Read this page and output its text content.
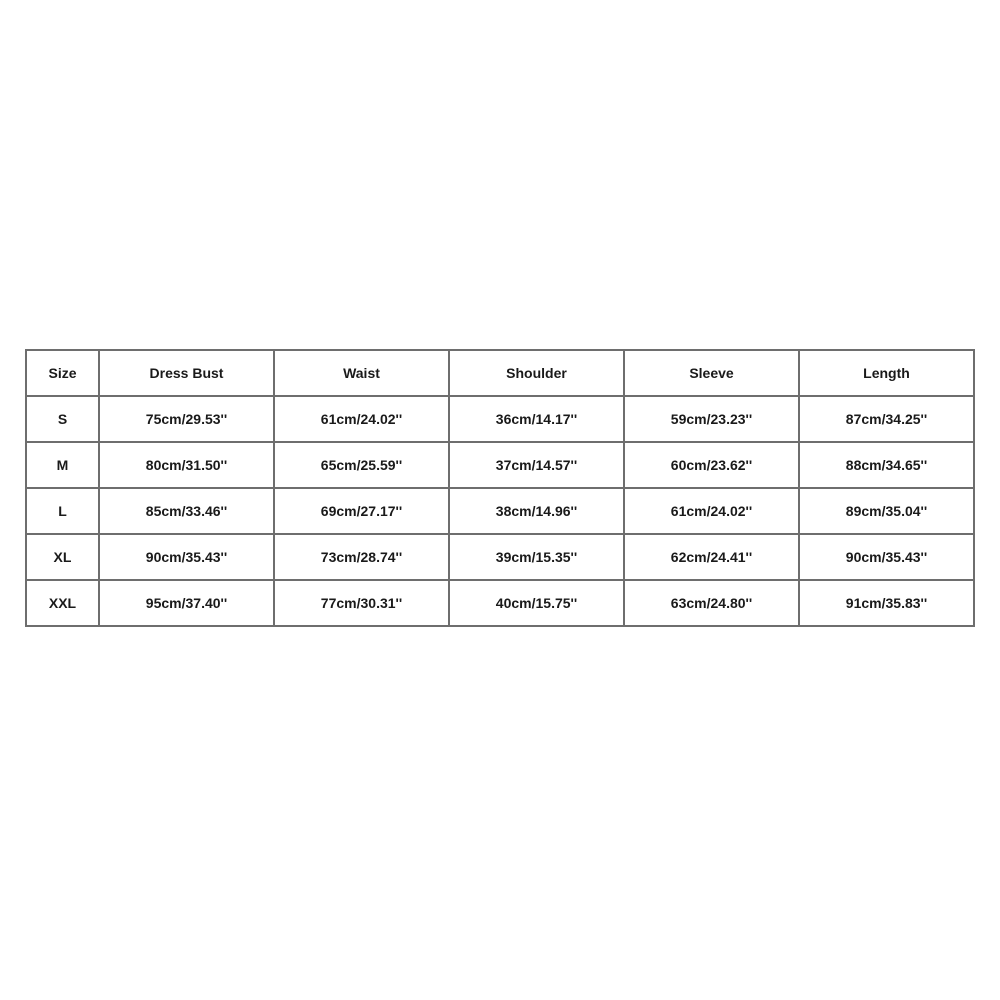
Size	Dress Bust	Waist	Shoulder	Sleeve	Length
S	75cm/29.53''	61cm/24.02''	36cm/14.17''	59cm/23.23''	87cm/34.25''
M	80cm/31.50''	65cm/25.59''	37cm/14.57''	60cm/23.62''	88cm/34.65''
L	85cm/33.46''	69cm/27.17''	38cm/14.96''	61cm/24.02''	89cm/35.04''
XL	90cm/35.43''	73cm/28.74''	39cm/15.35''	62cm/24.41''	90cm/35.43''
XXL	95cm/37.40''	77cm/30.31''	40cm/15.75''	63cm/24.80''	91cm/35.83''
